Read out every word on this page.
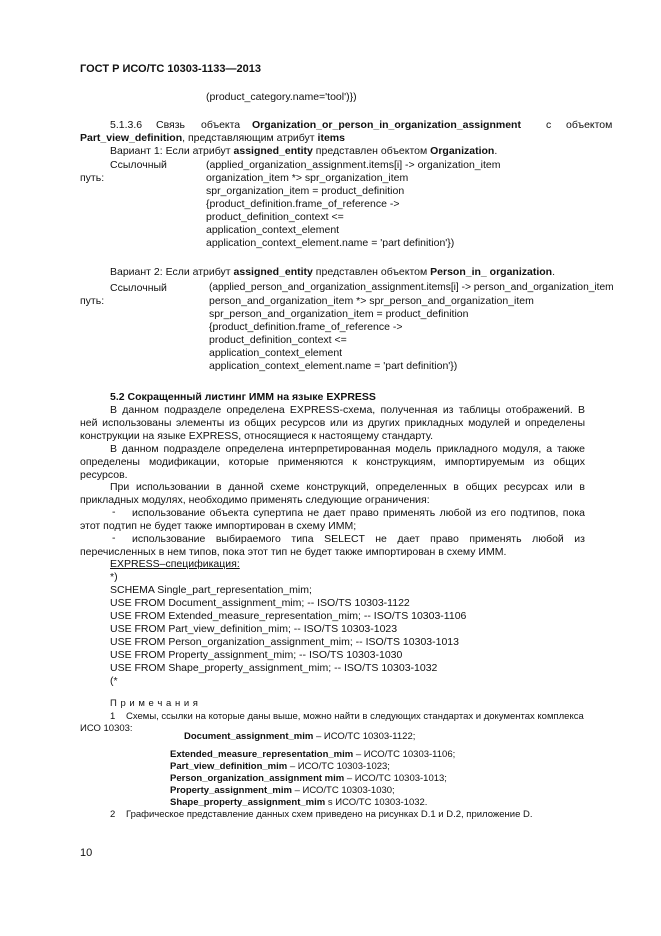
ГОСТ Р ИСО/ТС 10303-1133—2013
(product_category.name='tool')})
5.1.3.6 Связь объекта Organization_or_person_in_organization_assignment с объектом
Part_view_definition, представляющим атрибут items
Вариант 1: Если атрибут assigned_entity представлен объектом Organization.
Ссылочный
путь:
(applied_organization_assignment.items[i] -> organization_item
organization_item *> spr_organization_item
spr_organization_item = product_definition
{product_definition.frame_of_reference ->
product_definition_context <=
application_context_element
application_context_element.name = 'part definition'})
Вариант 2: Если атрибут assigned_entity представлен объектом Person_in_ organization.
Ссылочный
путь:
(applied_person_and_organization_assignment.items[i] -> person_and_organization_item
person_and_organization_item *> spr_person_and_organization_item
spr_person_and_organization_item = product_definition
{product_definition.frame_of_reference ->
product_definition_context <=
application_context_element
application_context_element.name = 'part definition'})
5.2 Сокращенный листинг ИММ на языке EXPRESS
В данном подразделе определена EXPRESS-схема, полученная из таблицы отображений. В
ней использованы элементы из общих ресурсов или из других прикладных модулей и определены
конструкции на языке EXPRESS, относящиеся к настоящему стандарту.
В данном подразделе определена интерпретированная модель прикладного модуля, а также
определены модификации, которые применяются к конструкциям, импортируемым из общих
ресурсов.
При использовании в данной схеме конструкций, определенных в общих ресурсах или в
прикладных модулях, необходимо применять следующие ограничения:
-	использование объекта супертипа не дает право применять любой из его подтипов, пока
этот подтип не будет также импортирован в схему ИММ;
-	использование выбираемого типа SELECT не дает право применять любой из
перечисленных в нем типов, пока этот тип не будет также импортирован в схему ИММ.
EXPRESS–спецификация:
*)
SCHEMA Single_part_representation_mim;
USE FROM Document_assignment_mim; -- ISO/TS 10303-1122
USE FROM Extended_measure_representation_mim; -- ISO/TS 10303-1106
USE FROM Part_view_definition_mim; -- ISO/TS 10303-1023
USE FROM Person_organization_assignment_mim; -- ISO/TS 10303-1013
USE FROM Property_assignment_mim; -- ISO/TS 10303-1030
USE FROM Shape_property_assignment_mim; -- ISO/TS 10303-1032
(*
П р и м е ч а н и я
1 Схемы, ссылки на которые даны выше, можно найти в следующих стандартах и документах комплекса
ИСО 10303:
Document_assignment_mim – ИСО/ТС 10303-1122;
Extended_measure_representation_mim – ИСО/ТС 10303-1106;
Part_view_definition_mim – ИСО/ТС 10303-1023;
Person_organization_assignment mim – ИСО/ТС 10303-1013;
Property_assignment_mim – ИСО/ТС 10303-1030;
Shape_property_assignment_mim s ИСО/ТС 10303-1032.
2 Графическое представление данных схем приведено на рисунках D.1 и D.2, приложение D.
10
